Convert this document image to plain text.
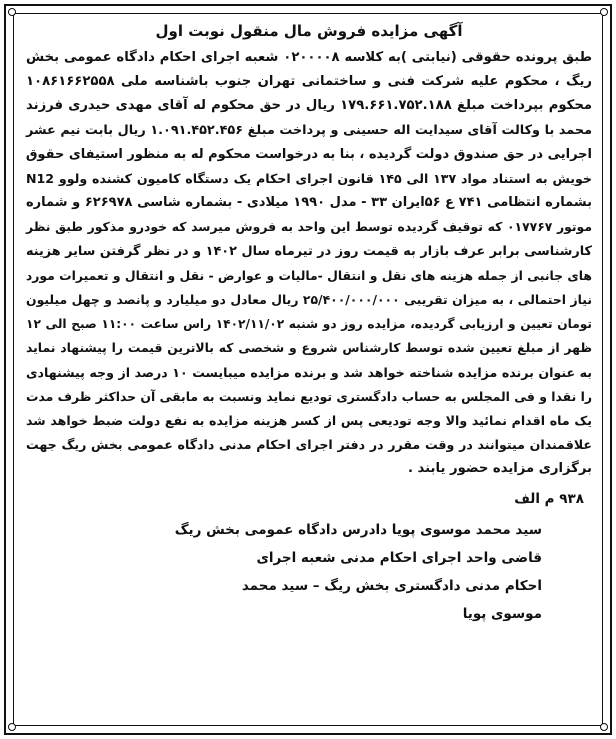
آگهی مزایده فروش مال منقول نوبت اول
طبق پرونده حقوقی (نیابتی )به کلاسه ۰۲۰۰۰۰۸ شعبه اجرای احکام دادگاه عمومی بخش
ریگ ، محکوم علیه شرکت فنی و ساختمانی تهران جنوب باشناسه ملی ۱۰۸۶۱۶۶۲۵۵۸
محکوم بپرداخت مبلغ ۱۷۹.۶۶۱.۷۵۲.۱۸۸ ریال در حق محکوم له آقای مهدی حیدری فرزند
محمد با وکالت آقای سیدایت اله حسینی و پرداخت مبلغ ۱.۰۹۱.۴۵۲.۴۵۶ ریال بابت نیم عشر
اجرایی در حق صندوق دولت گردیده ، بنا به درخواست محکوم له به منظور استیفای حقوق
خویش به استناد مواد ۱۳۷ الی ۱۴۵ قانون اجرای احکام یک دستگاه کامیون کشنده ولوو N12
بشماره انتظامی ۷۴۱ ع ۵۶ایران ۳۳ - مدل ۱۹۹۰ میلادی - بشماره شاسی ۶۲۶۹۷۸ و شماره
موتور ۰۱۷۷۶۷ که توقیف گردیده توسط این واحد به فروش میرسد که خودرو مذکور طبق نظر
کارشناسی برابر عرف بازار به قیمت روز در تیرماه سال ۱۴۰۲ و در نظر گرفتن سایر هزینه
های جانبی از جمله هزینه های نقل و انتقال -مالیات و عوارض - نقل و انتقال و تعمیرات مورد
نیاز احتمالی ، به میزان تقریبی ۲۵/۴۰۰/۰۰۰/۰۰۰ ریال معادل دو میلیارد و پانصد و چهل میلیون
تومان تعیین و ارزیابی گردیده، مزایده روز دو شنبه ۱۴۰۲/۱۱/۰۲ راس ساعت ۱۱:۰۰ صبح الی ۱۲
ظهر از مبلغ تعیین شده توسط کارشناس شروع و شخصی که بالاترین قیمت را پیشنهاد نماید
به عنوان برنده مزایده شناخته خواهد شد و برنده مزایده میبایست ۱۰ درصد از وجه پیشنهادی
را نقدا و فی المجلس به حساب دادگستری تودیع نماید ونسبت به مابقی آن حداکثر ظرف مدت
یک ماه اقدام نمائید والا وجه تودیعی پس از کسر هزینه مزایده به نفع دولت ضبط خواهد شد
علاقمندان میتوانند در وقت مقرر در دفتر اجرای احکام مدنی دادگاه عمومی بخش ریگ جهت
برگزاری مزایده حضور یابند .
۹۳۸ م الف
سید محمد موسوی پویا دادرس دادگاه عمومی بخش ریگ
قاضی واحد اجرای احکام مدنی شعبه اجرای
احکام مدنی دادگستری بخش ریگ – سید محمد
موسوی پویا
